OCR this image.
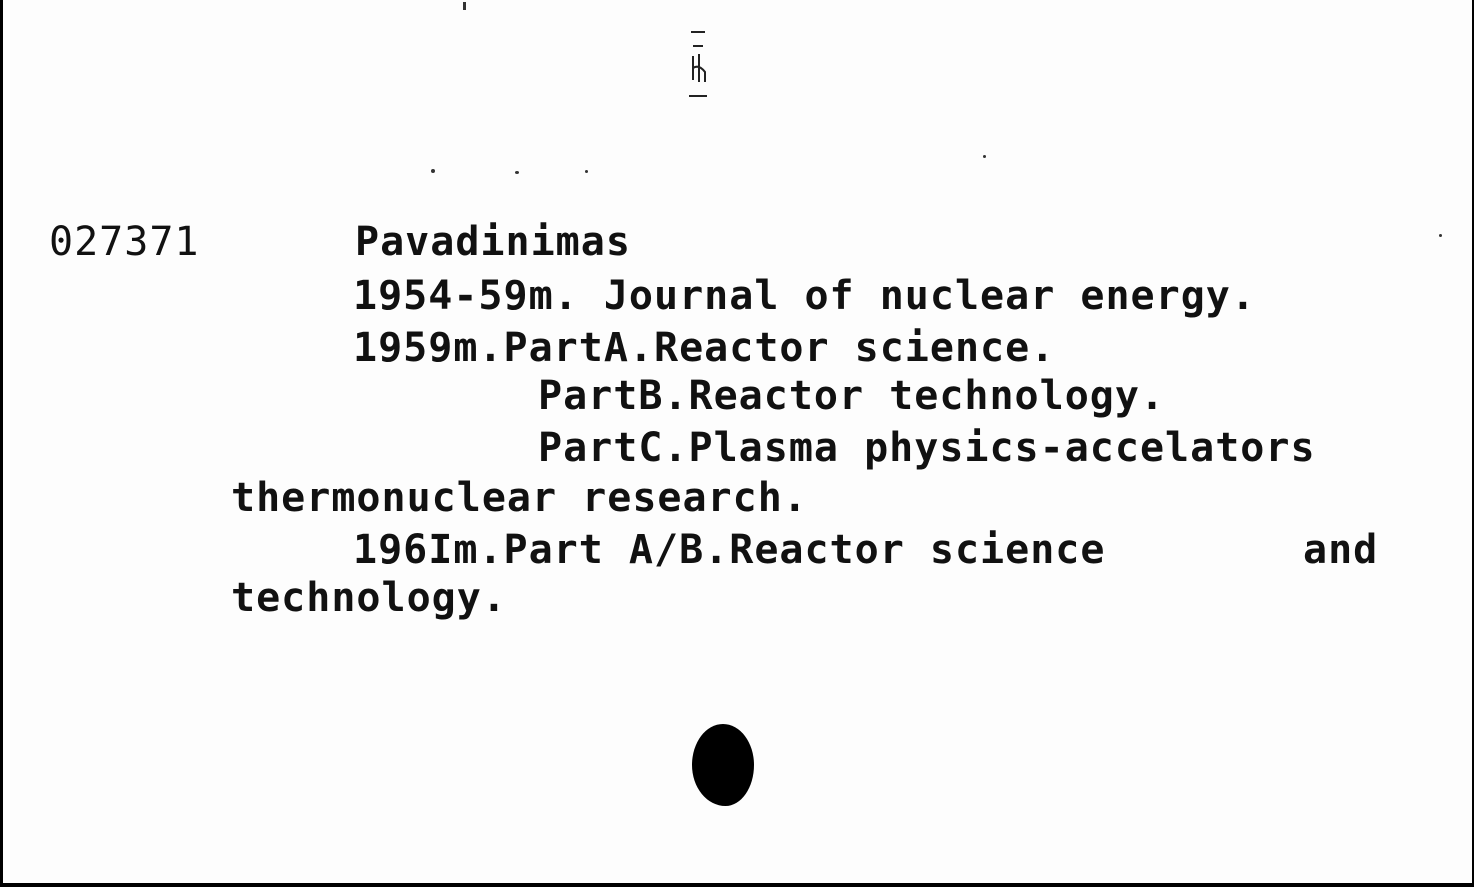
027371	Pavadinimas
1954-59m. Journal of nuclear energy.
1959m.PartA.Reactor science.
PartB.Reactor technology.
PartC.Plasma physics-accelators
thermonuclear research.
196Im.Part A/B.Reactor science	and
technology.
